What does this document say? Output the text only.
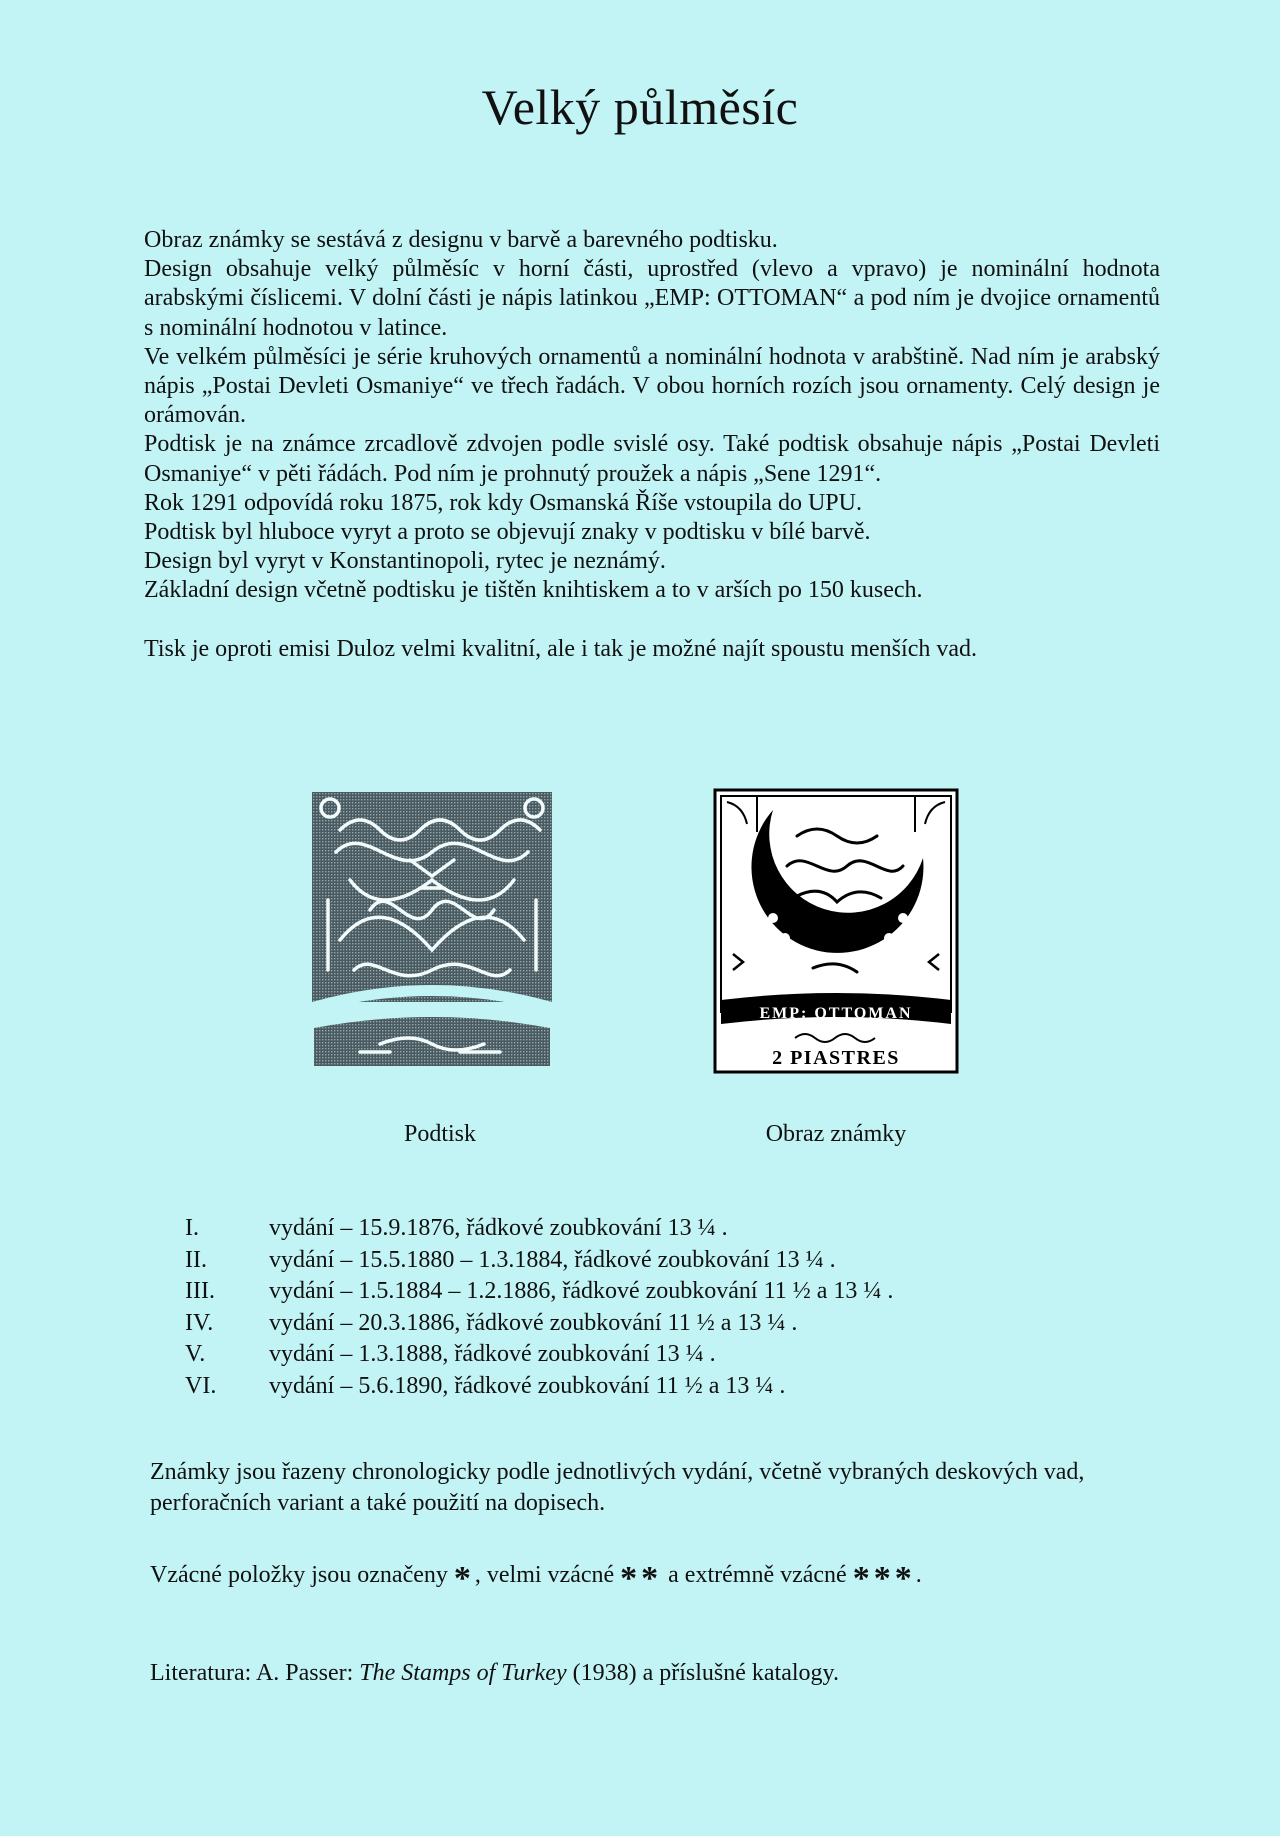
Velký půlměsíc

Obraz známky se sestává z designu v barvě a barevného podtisku.

Design obsahuje velký půlměsíc v horní části, uprostřed (vlevo a vpravo) je nominální hodnota arabskými číslicemi. V dolní části je nápis latinkou „EMP: OTTOMAN“ a pod ním je dvojice ornamentů s nominální hodnotou v latince.

Ve velkém půlměsíci je série kruhových ornamentů a nominální hodnota v arabštině. Nad ním je arabský nápis „Postai Devleti Osmaniye“ ve třech řadách. V obou horních rozích jsou ornamenty. Celý design je orámován.

Podtisk je na známce zrcadlově zdvojen podle svislé osy. Také podtisk obsahuje nápis „Postai Devleti Osmaniye“ v pěti řádách. Pod ním je prohnutý proužek a nápis „Sene 1291“.

Rok 1291 odpovídá roku 1875, rok kdy Osmanská Říše vstoupila do UPU.

Podtisk byl hluboce vyryt a proto se objevují znaky v podtisku v bílé barvě.

Design byl vyryt v Konstantinopoli, rytec je neznámý.

Základní design včetně podtisku je tištěn knihtiskem a to v arších po 150 kusech.

Tisk je oproti emisi Duloz velmi kvalitní, ale i tak je možné najít spoustu menších vad.

EMP: OTTOMAN
2 PIASTRES
Podtisk	Obraz známky
I.	vydání – 15.9.1876, řádkové zoubkování 13 ¼ .
II.	vydání – 15.5.1880 – 1.3.1884, řádkové zoubkování 13 ¼ .
III.	vydání – 1.5.1884 – 1.2.1886, řádkové zoubkování 11 ½ a 13 ¼ .
IV.	vydání – 20.3.1886, řádkové zoubkování 11 ½ a 13 ¼ .
V.	vydání – 1.3.1888, řádkové zoubkování 13 ¼ .
VI.	vydání – 5.6.1890, řádkové zoubkování 11 ½ a 13 ¼ .
Známky jsou řazeny chronologicky podle jednotlivých vydání, včetně vybraných deskových vad, perforačních variant a také použití na dopisech.
Vzácné položky jsou označeny *, velmi vzácné ** a extrémně vzácné ***.
Literatura: A. Passer: The Stamps of Turkey (1938) a příslušné katalogy.
